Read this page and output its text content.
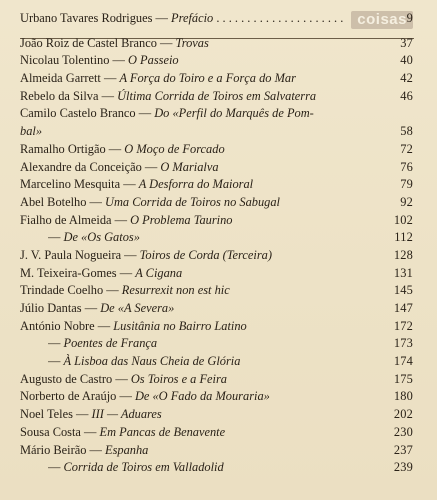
coisas
Urbano Tavares Rodrigues — Prefácio . . . . . . . . . . . . . . . . . . . . .	9
João Roiz de Castel Branco — Trovas	37
Nicolau Tolentino — O Passeio	40
Almeida Garrett — A Força do Toiro e a Força do Mar	42
Rebelo da Silva — Última Corrida de Toiros em Salvaterra	46
Camilo Castelo Branco — Do «Perfil do Marquês de Pom-
bal»	58
Ramalho Ortigão — O Moço de Forcado	72
Alexandre da Conceição — O Marialva	76
Marcelino Mesquita — A Desforra do Maioral	79
Abel Botelho — Uma Corrida de Toiros no Sabugal	92
Fialho de Almeida — O Problema Taurino	102
— De «Os Gatos»	112
J. V. Paula Nogueira — Toiros de Corda (Terceira)	128
M. Teixeira-Gomes — A Cigana	131
Trindade Coelho — Resurrexit non est hic	145
Júlio Dantas — De «A Severa»	147
António Nobre — Lusitânia no Bairro Latino	172
— Poentes de França	173
— À Lisboa das Naus Cheia de Glória	174
Augusto de Castro — Os Toiros e a Feira	175
Norberto de Araújo — De «O Fado da Mouraria»	180
Noel Teles — III — Aduares	202
Sousa Costa — Em Pancas de Benavente	230
Mário Beirão — Espanha	237
— Corrida de Toiros em Valladolid	239
